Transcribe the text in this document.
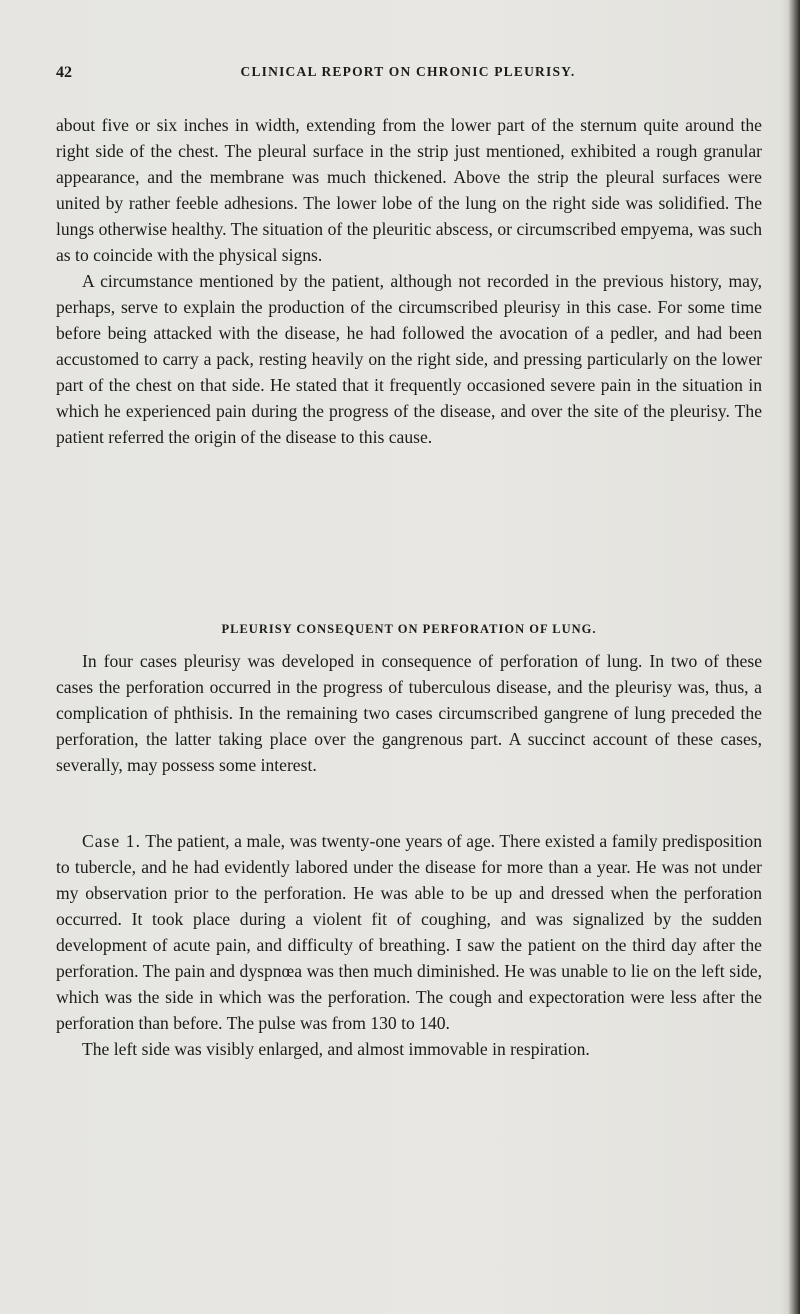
42	CLINICAL REPORT ON CHRONIC PLEURISY.

about five or six inches in width, extending from the lower part of the sternum quite around the right side of the chest. The pleural surface in the strip just mentioned, exhibited a rough granular appearance, and the membrane was much thickened. Above the strip the pleural surfaces were united by rather feeble adhesions. The lower lobe of the lung on the right side was solidified. The lungs otherwise healthy. The situation of the pleuritic abscess, or circumscribed empyema, was such as to coincide with the physical signs.

A circumstance mentioned by the patient, although not recorded in the previous history, may, perhaps, serve to explain the production of the circumscribed pleurisy in this case. For some time before being attacked with the disease, he had followed the avocation of a pedler, and had been accustomed to carry a pack, resting heavily on the right side, and pressing particularly on the lower part of the chest on that side. He stated that it frequently occasioned severe pain in the situation in which he experienced pain during the progress of the disease, and over the site of the pleurisy. The patient referred the origin of the disease to this cause.

PLEURISY CONSEQUENT ON PERFORATION OF LUNG.

In four cases pleurisy was developed in consequence of perforation of lung. In two of these cases the perforation occurred in the progress of tuberculous disease, and the pleurisy was, thus, a complication of phthisis. In the remaining two cases circumscribed gangrene of lung preceded the perforation, the latter taking place over the gangrenous part. A succinct account of these cases, severally, may possess some interest.

Case 1. The patient, a male, was twenty-one years of age. There existed a family predisposition to tubercle, and he had evidently labored under the disease for more than a year. He was not under my observation prior to the perforation. He was able to be up and dressed when the perforation occurred. It took place during a violent fit of coughing, and was signalized by the sudden development of acute pain, and difficulty of breathing. I saw the patient on the third day after the perforation. The pain and dyspnœa was then much diminished. He was unable to lie on the left side, which was the side in which was the perforation. The cough and expectoration were less after the perforation than before. The pulse was from 130 to 140.

The left side was visibly enlarged, and almost immovable in respiration.
